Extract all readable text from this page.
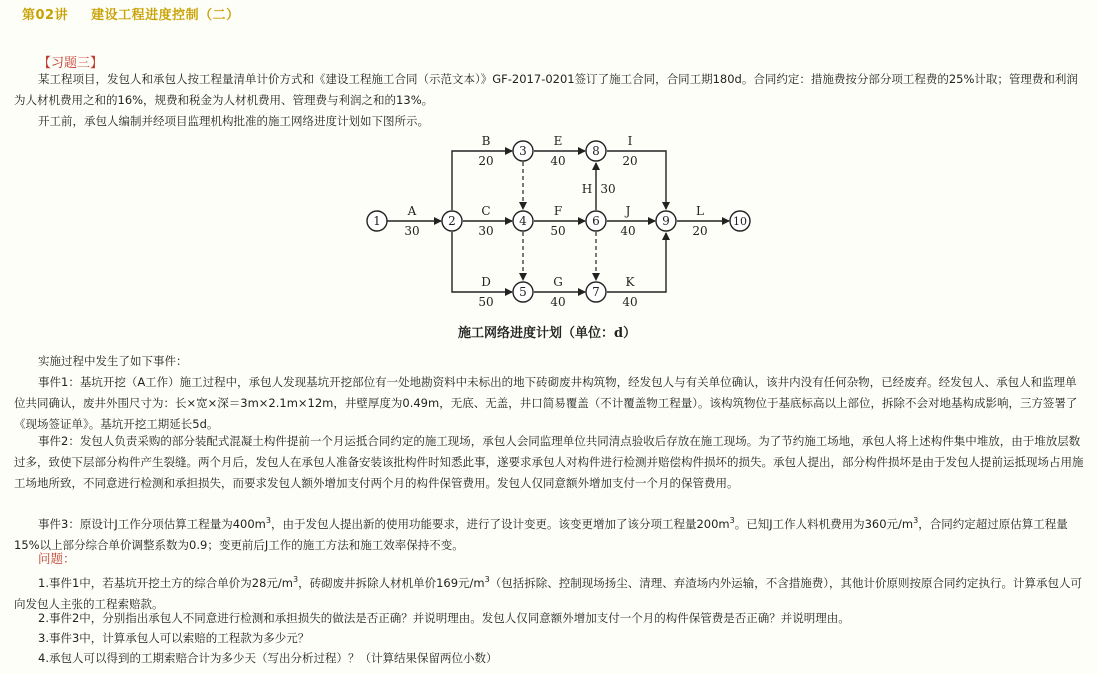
第02讲 建设工程进度控制（二）
【习题三】
某工程项目，发包人和承包人按工程量清单计价方式和《建设工程施工合同（示范文本）》GF-2017-0201签订了施工合同，合同工期180d。合同约定：措施费按分部分项工程费的25%计取；管理费和利润为人材机费用之和的16%，规费和税金为人材机费用、管理费与利润之和的13%。
开工前，承包人编制并经项目监理机构批准的施工网络进度计划如下图所示。
1	2
3
4
5
6
7
8
9	10
A
30
B
20
C
30
D
50
E
40
F
50
G
40
H 30
I
20
J
40
K
40
L
20
施工网络进度计划（单位：d）
实施过程中发生了如下事件：
事件1：基坑开挖（A工作）施工过程中，承包人发现基坑开挖部位有一处地勘资料中未标出的地下砖砌废井构筑物，经发包人与有关单位确认，该井内没有任何杂物，已经废弃。经发包人、承包人和监理单位共同确认，废井外围尺寸为：长×宽×深＝3m×2.1m×12m，井壁厚度为0.49m，无底、无盖，井口简易覆盖（不计覆盖物工程量）。该构筑物位于基底标高以上部位，拆除不会对地基构成影响，三方签署了《现场签证单》。基坑开挖工期延长5d。
事件2：发包人负责采购的部分装配式混凝土构件提前一个月运抵合同约定的施工现场，承包人会同监理单位共同清点验收后存放在施工现场。为了节约施工场地，承包人将上述构件集中堆放，由于堆放层数过多，致使下层部分构件产生裂缝。两个月后，发包人在承包人准备安装该批构件时知悉此事，遂要求承包人对构件进行检测并赔偿构件损坏的损失。承包人提出，部分构件损坏是由于发包人提前运抵现场占用施工场地所致，不同意进行检测和承担损失，而要求发包人额外增加支付两个月的构件保管费用。发包人仅同意额外增加支付一个月的保管费用。
事件3：原设计J工作分项估算工程量为$400m^3$，由于发包人提出新的使用功能要求，进行了设计变更。该变更增加了该分项工程量$200m^3$。已知J工作人料机费用为360元$/m^3$，合同约定超过原估算工程量15%以上部分综合单价调整系数为0.9；变更前后J工作的施工方法和施工效率保持不变。
问题：
1.事件1中，若基坑开挖土方的综合单价为28元$/m^3$，砖砌废井拆除人材机单价169元$/m^3$（包括拆除、控制现场扬尘、清理、弃渣场内外运输，不含措施费），其他计价原则按原合同约定执行。计算承包人可向发包人主张的工程索赔款。
2.事件2中，分别指出承包人不同意进行检测和承担损失的做法是否正确？并说明理由。发包人仅同意额外增加支付一个月的构件保管费是否正确？并说明理由。
3.事件3中，计算承包人可以索赔的工程款为多少元？
4.承包人可以得到的工期索赔合计为多少天（写出分析过程）？（计算结果保留两位小数）
